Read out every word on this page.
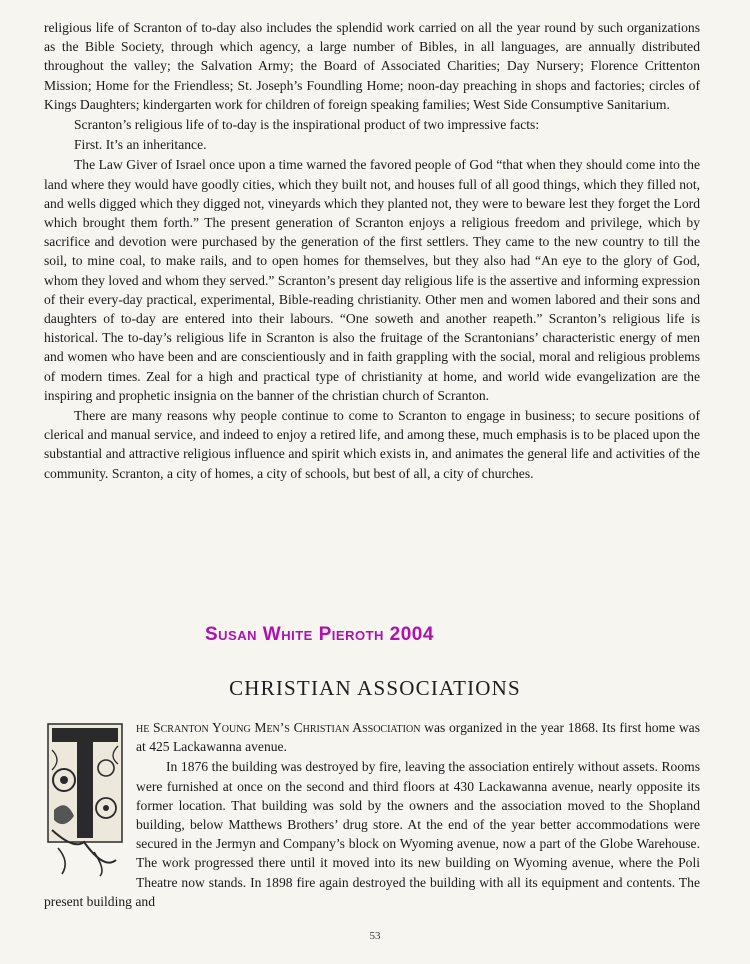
religious life of Scranton of to-day also includes the splendid work carried on all the year round by such organizations as the Bible Society, through which agency, a large number of Bibles, in all languages, are annually distributed throughout the valley; the Salvation Army; the Board of Associated Charities; Day Nursery; Florence Crittenton Mission; Home for the Friendless; St. Joseph’s Foundling Home; noon-day preaching in shops and factories; circles of Kings Daughters; kindergarten work for children of foreign speaking families; West Side Consumptive Sanitarium.

Scranton’s religious life of to-day is the inspirational product of two impressive facts:

First. It’s an inheritance.

The Law Giver of Israel once upon a time warned the favored people of God “that when they should come into the land where they would have goodly cities, which they built not, and houses full of all good things, which they filled not, and wells digged which they digged not, vineyards which they planted not, they were to beware lest they forget the Lord which brought them forth.” The present generation of Scranton enjoys a religious freedom and privilege, which by sacrifice and devotion were purchased by the generation of the first settlers. They came to the new country to till the soil, to mine coal, to make rails, and to open homes for themselves, but they also had “An eye to the glory of God, whom they loved and whom they served.” Scranton’s present day religious life is the assertive and informing expression of their every-day practical, experimental, Bible-reading christianity. Other men and women labored and their sons and daughters of to-day are entered into their labours. “One soweth and another reapeth.” Scranton’s religious life is historical. The to-day’s religious life in Scranton is also the fruitage of the Scrantonians’ characteristic energy of men and women who have been and are conscientiously and in faith grappling with the social, moral and religious problems of modern times. Zeal for a high and practical type of christianity at home, and world wide evangelization are the inspiring and prophetic insignia on the banner of the christian church of Scranton.

There are many reasons why people continue to come to Scranton to engage in business; to secure positions of clerical and manual service, and indeed to enjoy a retired life, and among these, much emphasis is to be placed upon the substantial and attractive religious influence and spirit which exists in, and animates the general life and activities of the community. Scranton, a city of homes, a city of schools, but best of all, a city of churches.

Susan White Pieroth 2004
CHRISTIAN ASSOCIATIONS

he Scranton Young Men’s Christian Association was organized in the year 1868. Its first home was at 425 Lackawanna avenue.

In 1876 the building was destroyed by fire, leaving the association entirely without assets. Rooms were furnished at once on the second and third floors at 430 Lackawanna avenue, nearly opposite its former location. That building was sold by the owners and the association moved to the Shopland building, below Matthews Brothers’ drug store. At the end of the year better accommodations were secured in the Jermyn and Company’s block on Wyoming avenue, now a part of the Globe Warehouse. The work progressed there until it moved into its new building on Wyoming avenue, where the Poli Theatre now stands. In 1898 fire again destroyed the building with all its equipment and contents. The present building and

53
